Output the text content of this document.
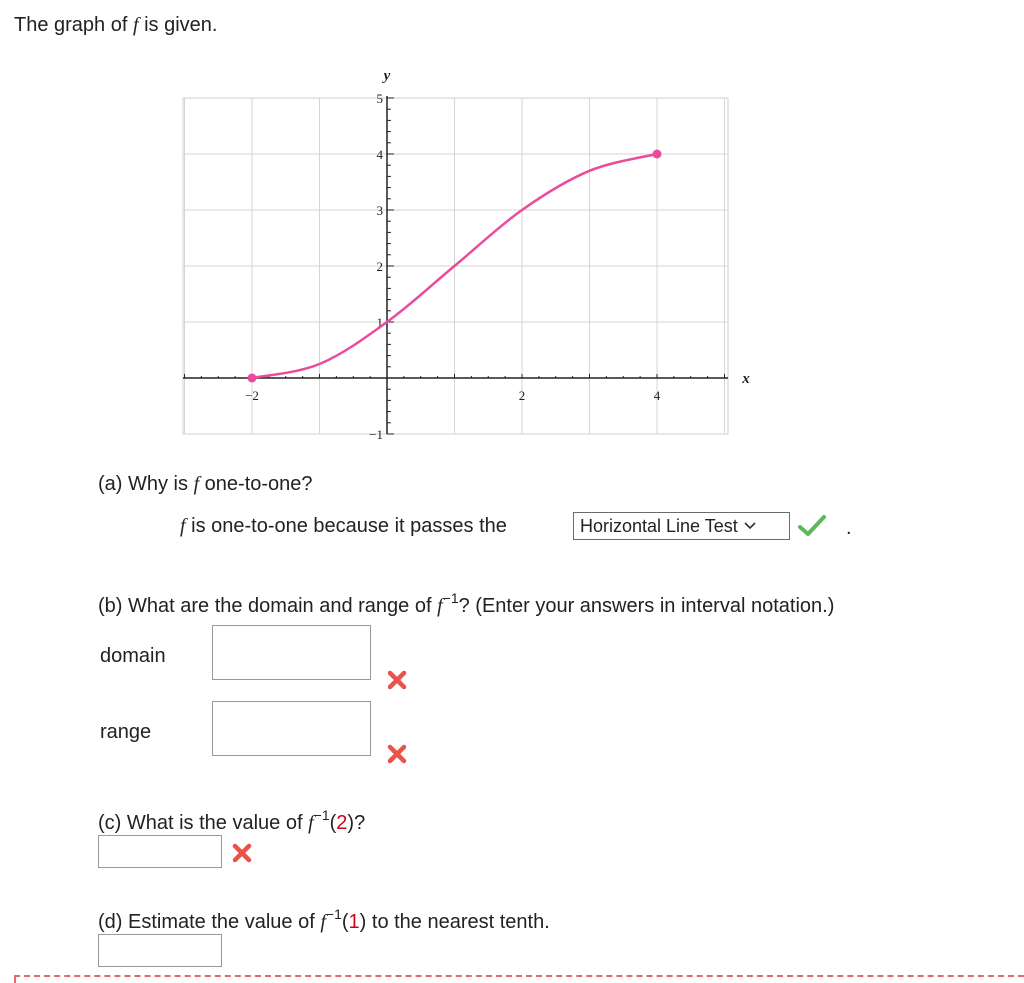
The graph of f is given.
5
4
3
2
1
−1
−2	2	4
y
x
(a) Why is f one-to-one?
f is one-to-one because it passes the	Horizontal Line Test	.
(b) What are the domain and range of $f^{-1}$? (Enter your answers in interval notation.)
domain
range
(c) What is the value of $f^{-1}(2)$?
(d) Estimate the value of $f^{-1}(1)$ to the nearest tenth.
